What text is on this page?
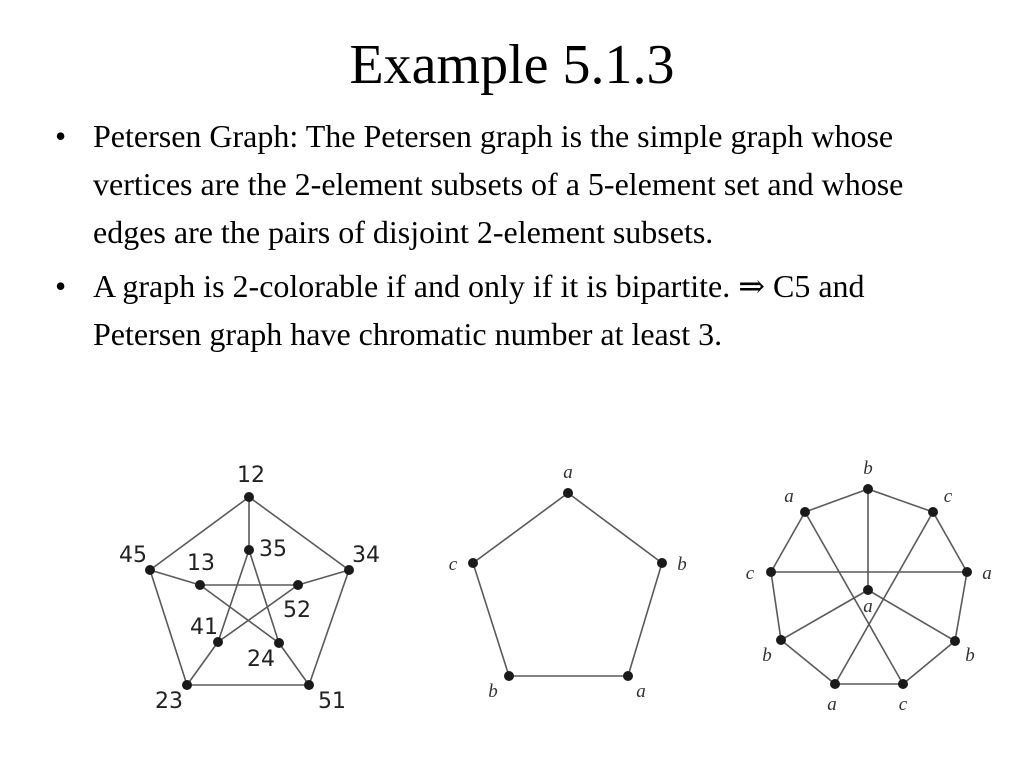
Example 5.1.3
• Petersen Graph: The Petersen graph is the simple graph whose vertices are the 2-element subsets of a 5-element set and whose edges are the pairs of disjoint 2-element subsets.
• A graph is 2-colorable if and only if it is bipartite. ⇒ C5 and Petersen graph have chromatic number at least 3.
12
34
51
23
45	35
52
24
41
13
a
b
a
b
c
b
c
a
b
c
a
b
c
a
a
